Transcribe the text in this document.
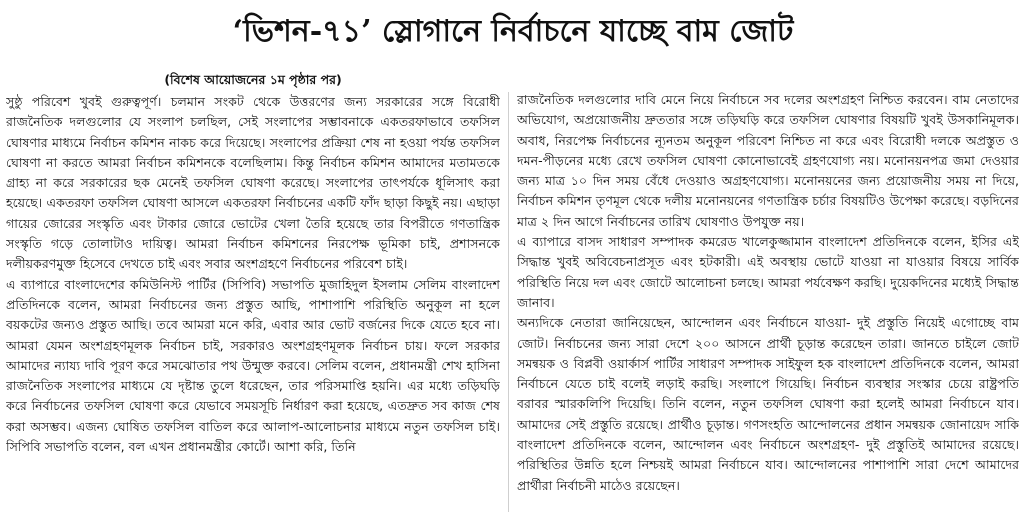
‘ভিশন-৭১’ স্লোগানে নির্বাচনে যাচ্ছে বাম জোট
(বিশেষ আয়োজনের ১ম পৃষ্ঠার পর)

সুষ্ঠু পরিবেশ খুবই গুরুত্বপূর্ণ। চলমান সংকট থেকে উত্তরণের জন্য সরকারের সঙ্গে বিরোধী রাজনৈতিক দলগুলোর যে সংলাপ চলছিল, সেই সংলাপের সম্ভাবনাকে একতরফাভাবে তফসিল ঘোষণার মাধ্যমে নির্বাচন কমিশন নাকচ করে দিয়েছে। সংলাপের প্রক্রিয়া শেষ না হওয়া পর্যন্ত তফসিল ঘোষণা না করতে আমরা নির্বাচন কমিশনকে বলেছিলাম। কিন্তু নির্বাচন কমিশন আমাদের মতামতকে গ্রাহ্য না করে সরকারের ছক মেনেই তফসিল ঘোষণা করেছে। সংলাপের তাৎপর্যকে ধূলিসাৎ করা হয়েছে। একতরফা তফসিল ঘোষণা আসলে একতরফা নির্বাচনের একটি ফাঁদ ছাড়া কিছুই নয়। এছাড়া গায়ের জোরের সংস্কৃতি এবং টাকার জোরে ভোটের খেলা তৈরি হয়েছে তার বিপরীতে গণতান্ত্রিক সংস্কৃতি গড়ে তোলাটাও দায়িত্ব। আমরা নির্বাচন কমিশনের নিরপেক্ষ ভূমিকা চাই, প্রশাসনকে দলীয়করণমুক্ত হিসেবে দেখতে চাই এবং সবার অংশগ্রহণে নির্বাচনের পরিবেশ চাই।

এ ব্যাপারে বাংলাদেশের কমিউনিস্ট পার্টির (সিপিবি) সভাপতি মুজাহিদুল ইসলাম সেলিম বাংলাদেশ প্রতিদিনকে বলেন, আমরা নির্বাচনের জন্য প্রস্তুত আছি, পাশাপাশি পরিস্থিতি অনুকূল না হলে বয়কটের জন্যও প্রস্তুত আছি। তবে আমরা মনে করি, এবার আর ভোট বর্জনের দিকে যেতে হবে না। আমরা যেমন অংশগ্রহণমূলক নির্বাচন চাই, সরকারও অংশগ্রহণমূলক নির্বাচন চায়। ফলে সরকার আমাদের ন্যায্য দাবি পূরণ করে সমঝোতার পথ উন্মুক্ত করবে। সেলিম বলেন, প্রধানমন্ত্রী শেখ হাসিনা রাজনৈতিক সংলাপের মাধ্যমে যে দৃষ্টান্ত তুলে ধরেছেন, তার পরিসমাপ্তি হয়নি। এর মধ্যে তড়িঘড়ি করে নির্বাচনের তফসিল ঘোষণা করে যেভাবে সময়সূচি নির্ধারণ করা হয়েছে, এতদ্রুত সব কাজ শেষ করা অসম্ভব। এজন্য ঘোষিত তফসিল বাতিল করে আলাপ-আলোচনার মাধ্যমে নতুন তফসিল চাই। সিপিবি সভাপতি বলেন, বল এখন প্রধানমন্ত্রীর কোর্টে। আশা করি, তিনি

রাজনৈতিক দলগুলোর দাবি মেনে নিয়ে নির্বাচনে সব দলের অংশগ্রহণ নিশ্চিত করবেন। বাম নেতাদের অভিযোগ, অপ্রয়োজনীয় দ্রুততার সঙ্গে তড়িঘড়ি করে তফসিল ঘোষণার বিষয়টি খুবই উসকানিমূলক। অবাধ, নিরপেক্ষ নির্বাচনের ন্যূনতম অনুকূল পরিবেশ নিশ্চিত না করে এবং বিরোধী দলকে অপ্রস্তুত ও দমন-পীড়নের মধ্যে রেখে তফসিল ঘোষণা কোনোভাবেই গ্রহণযোগ্য নয়। মনোনয়নপত্র জমা দেওয়ার জন্য মাত্র ১০ দিন সময় বেঁধে দেওয়াও অগ্রহণযোগ্য। মনোনয়নের জন্য প্রয়োজনীয় সময় না দিয়ে, নির্বাচন কমিশন তৃণমূল থেকে দলীয় মনোনয়নের গণতান্ত্রিক চর্চার বিষয়টিও উপেক্ষা করেছে। বড়দিনের মাত্র ২ দিন আগে নির্বাচনের তারিখ ঘোষণাও উপযুক্ত নয়।

এ ব্যাপারে বাসদ সাধারণ সম্পাদক কমরেড খালেকুজ্জামান বাংলাদেশ প্রতিদিনকে বলেন, ইসির এই সিদ্ধান্ত খুবই অবিবেচনাপ্রসূত এবং হটকারী। এই অবস্থায় ভোটে যাওয়া না যাওয়ার বিষয়ে সার্বিক পরিস্থিতি নিয়ে দল এবং জোটে আলোচনা চলছে। আমরা পর্যবেক্ষণ করছি। দুয়েকদিনের মধ্যেই সিদ্ধান্ত জানাব।

অন্যদিকে নেতারা জানিয়েছেন, আন্দোলন এবং নির্বাচনে যাওয়া- দুই প্রস্তুতি নিয়েই এগোচ্ছে বাম জোট। নির্বাচনের জন্য সারা দেশে ২০০ আসনে প্রার্থী চূড়ান্ত করেছেন তারা। জানতে চাইলে জোট সমন্বয়ক ও বিপ্লবী ওয়ার্কার্স পার্টির সাধারণ সম্পাদক সাইফুল হক বাংলাদেশ প্রতিদিনকে বলেন, আমরা নির্বাচনে যেতে চাই বলেই লড়াই করছি। সংলাপে গিয়েছি। নির্বাচন ব্যবস্থার সংস্কার চেয়ে রাষ্ট্রপতি বরাবর স্মারকলিপি দিয়েছি। তিনি বলেন, নতুন তফসিল ঘোষণা করা হলেই আমরা নির্বাচনে যাব। আমাদের সেই প্রস্তুতি রয়েছে। প্রার্থীও চূড়ান্ত। গণসংহতি আন্দোলনের প্রধান সমন্বয়ক জোনায়েদ সাকি বাংলাদেশ প্রতিদিনকে বলেন, আন্দোলন এবং নির্বাচনে অংশগ্রহণ- দুই প্রস্তুতিই আমাদের রয়েছে। পরিস্থিতির উন্নতি হলে নিশ্চয়ই আমরা নির্বাচনে যাব। আন্দোলনের পাশাপাশি সারা দেশে আমাদের প্রার্থীরা নির্বাচনী মাঠেও রয়েছেন।
